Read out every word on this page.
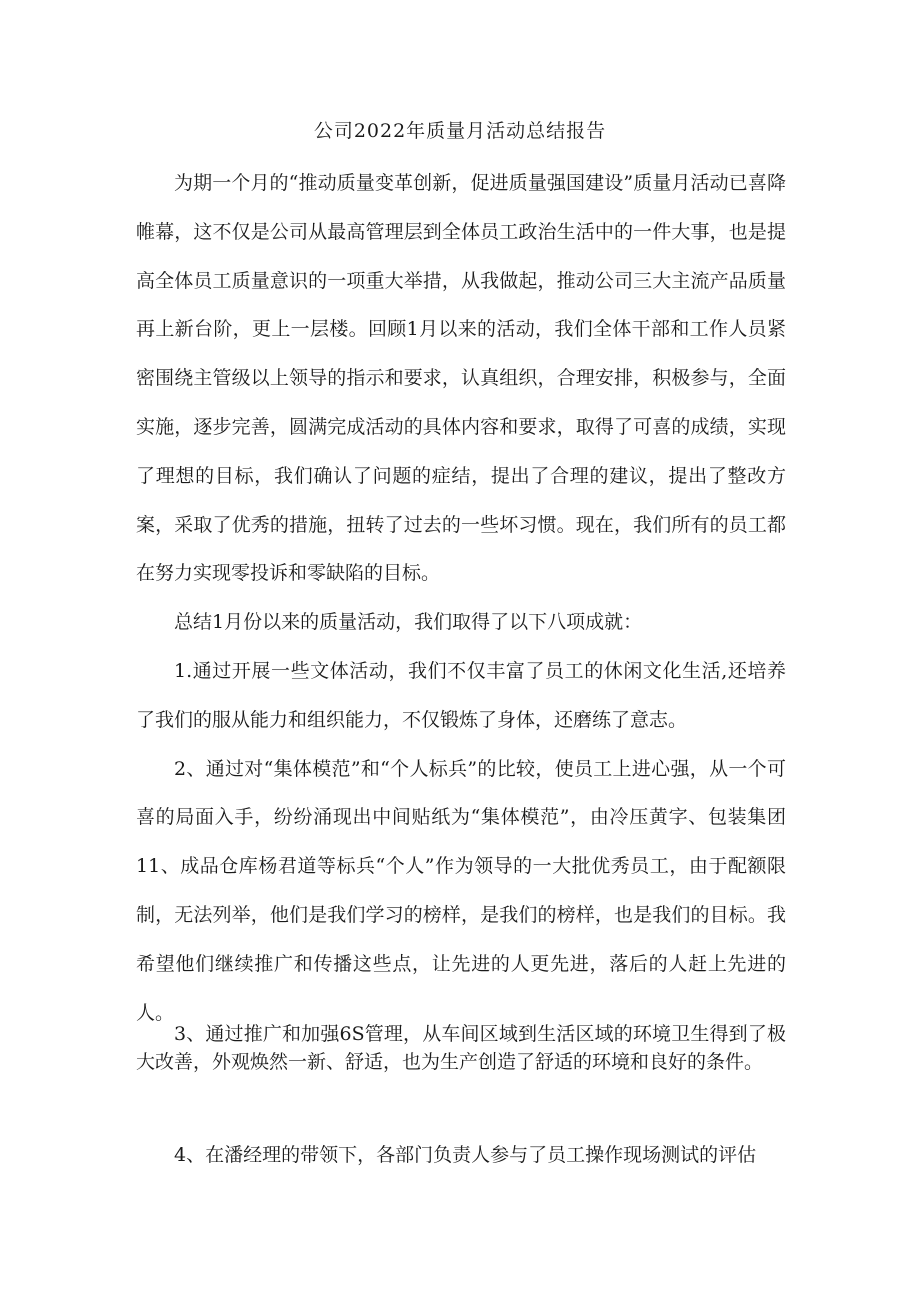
公司2022年质量月活动总结报告

为期一个月的“推动质量变革创新，促进质量强国建设”质量月活动已喜降帷幕，这不仅是公司从最高管理层到全体员工政治生活中的一件大事，也是提高全体员工质量意识的一项重大举措，从我做起，推动公司三大主流产品质量再上新台阶，更上一层楼。回顾1月以来的活动，我们全体干部和工作人员紧密围绕主管级以上领导的指示和要求，认真组织，合理安排，积极参与，全面实施，逐步完善，圆满完成活动的具体内容和要求，取得了可喜的成绩，实现了理想的目标，我们确认了问题的症结，提出了合理的建议，提出了整改方案，采取了优秀的措施，扭转了过去的一些坏习惯。现在，我们所有的员工都在努力实现零投诉和零缺陷的目标。

总结1月份以来的质量活动，我们取得了以下八项成就：

1.通过开展一些文体活动，我们不仅丰富了员工的休闲文化生活,还培养了我们的服从能力和组织能力，不仅锻炼了身体，还磨练了意志。

2、通过对“集体模范”和“个人标兵”的比较，使员工上进心强，从一个可喜的局面入手，纷纷涌现出中间贴纸为“集体模范”，由冷压黄字、包装集团11、成品仓库杨君道等标兵“个人”作为领导的一大批优秀员工，由于配额限制，无法列举，他们是我们学习的榜样，是我们的榜样，也是我们的目标。我希望他们继续推广和传播这些点，让先进的人更先进，落后的人赶上先进的人。

3、通过推广和加强6S管理，从车间区域到生活区域的环境卫生得到了极大改善，外观焕然一新、舒适，也为生产创造了舒适的环境和良好的条件。

4、在潘经理的带领下，各部门负责人参与了员工操作现场测试的评估
